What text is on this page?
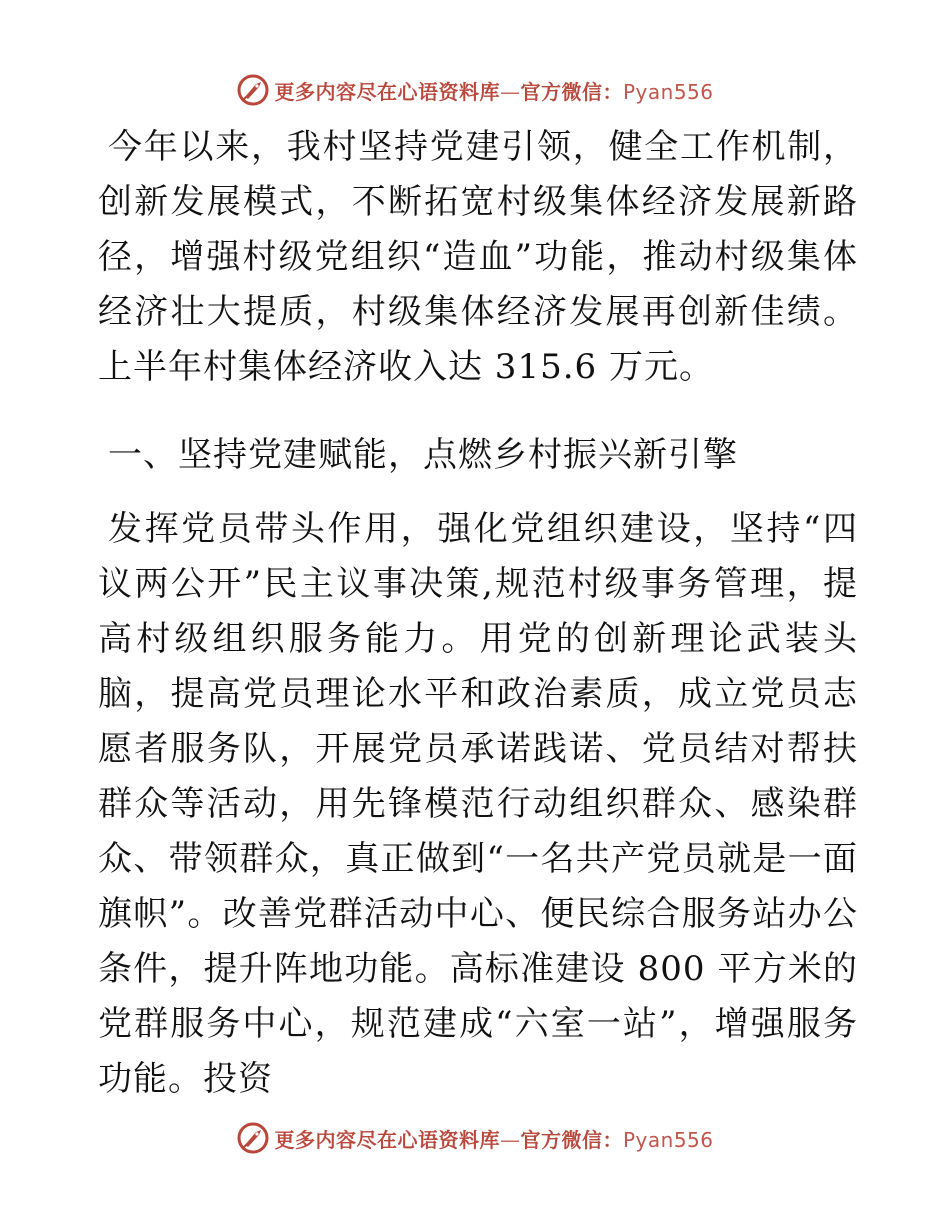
更多内容尽在心语资料库—官方微信：Pyan556

今年以来，我村坚持党建引领，健全工作机制，创新发展模式，不断拓宽村级集体经济发展新路径，增强村级党组织“造血”功能，推动村级集体经济壮大提质，村级集体经济发展再创新佳绩。上半年村集体经济收入达 315.6 万元。

一、坚持党建赋能，点燃乡村振兴新引擎

发挥党员带头作用，强化党组织建设，坚持“四议两公开”民主议事决策,规范村级事务管理，提高村级组织服务能力。用党的创新理论武装头脑，提高党员理论水平和政治素质，成立党员志愿者服务队，开展党员承诺践诺、党员结对帮扶群众等活动，用先锋模范行动组织群众、感染群众、带领群众，真正做到“一名共产党员就是一面旗帜”。改善党群活动中心、便民综合服务站办公条件，提升阵地功能。高标准建设 800 平方米的党群服务中心，规范建成“六室一站”，增强服务功能。投资

更多内容尽在心语资料库—官方微信：Pyan556
